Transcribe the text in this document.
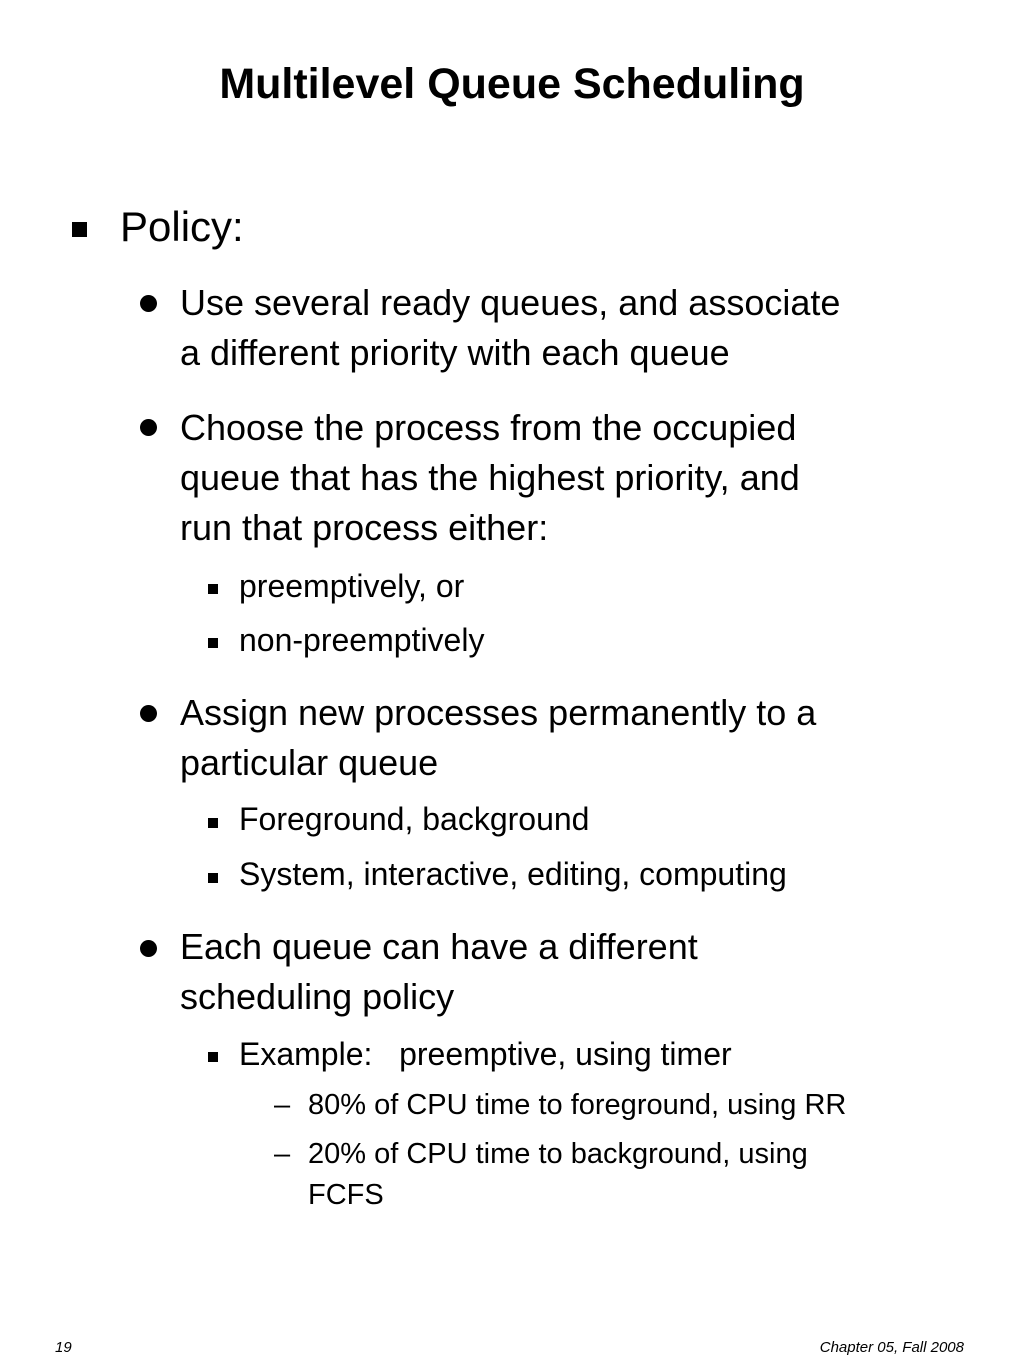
Multilevel Queue Scheduling
Policy:
Use several ready queues, and associate
a different priority with each queue
Choose the process from the occupied
queue that has the highest priority, and
run that process either:
preemptively, or
non-preemptively
Assign new processes permanently to a
particular queue
Foreground, background
System, interactive, editing, computing
Each queue can have a different
scheduling policy
Example:   preemptive, using timer
– 80% of CPU time to foreground, using RR
– 20% of CPU time to background, using
FCFS
19	Chapter 05, Fall 2008
